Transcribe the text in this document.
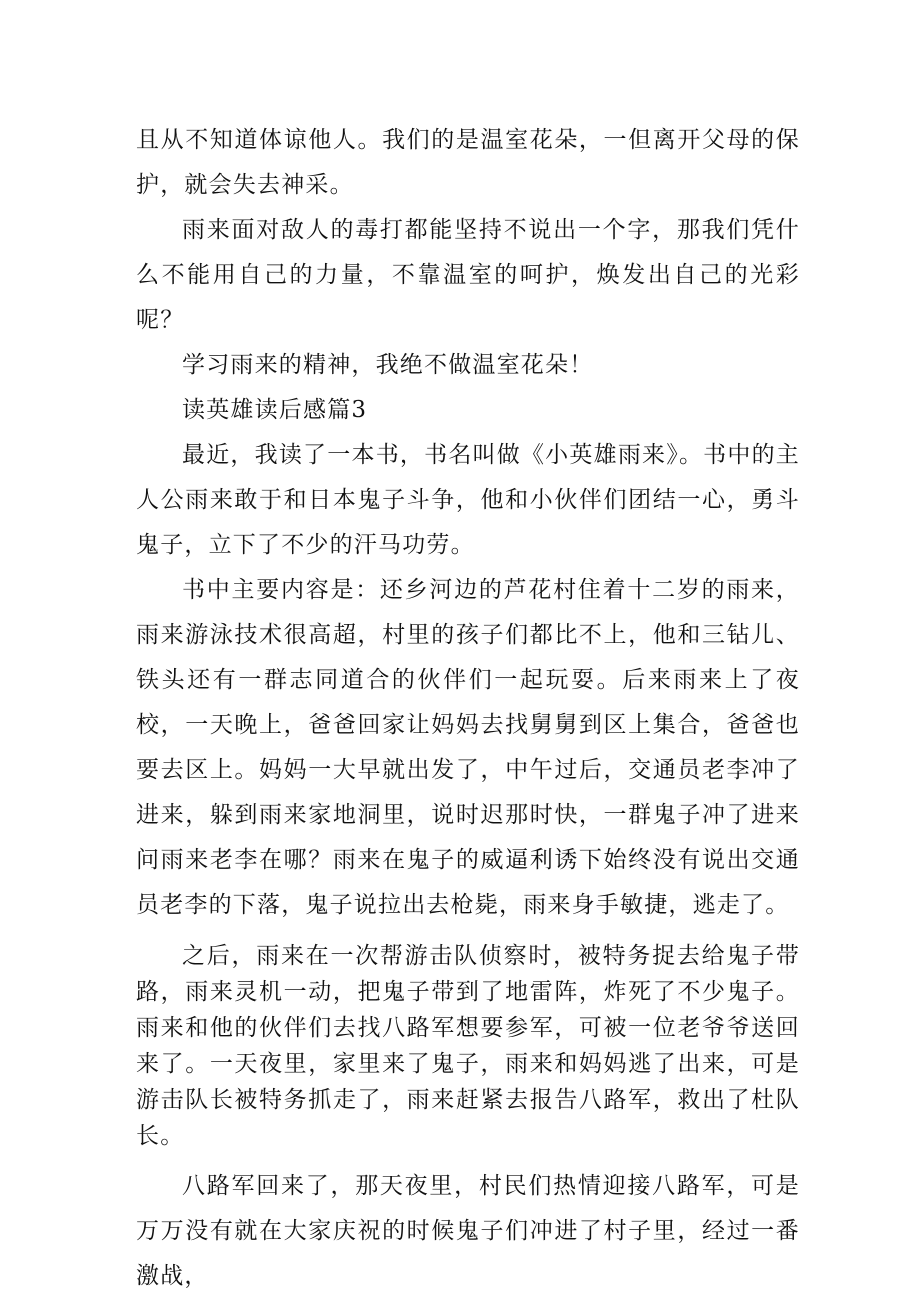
且从不知道体谅他人。我们的是温室花朵，一但离开父母的保护，就会失去神采。

雨来面对敌人的毒打都能坚持不说出一个字，那我们凭什么不能用自己的力量，不靠温室的呵护，焕发出自己的光彩呢？

学习雨来的精神，我绝不做温室花朵！

读英雄读后感篇3

最近，我读了一本书，书名叫做《小英雄雨来》。书中的主人公雨来敢于和日本鬼子斗争，他和小伙伴们团结一心，勇斗鬼子，立下了不少的汗马功劳。

书中主要内容是：还乡河边的芦花村住着十二岁的雨来，雨来游泳技术很高超，村里的孩子们都比不上，他和三钻儿、铁头还有一群志同道合的伙伴们一起玩耍。后来雨来上了夜校，一天晚上，爸爸回家让妈妈去找舅舅到区上集合，爸爸也要去区上。妈妈一大早就出发了，中午过后，交通员老李冲了进来，躲到雨来家地洞里，说时迟那时快，一群鬼子冲了进来问雨来老李在哪？雨来在鬼子的威逼利诱下始终没有说出交通员老李的下落，鬼子说拉出去枪毙，雨来身手敏捷，逃走了。

之后，雨来在一次帮游击队侦察时，被特务捉去给鬼子带路，雨来灵机一动，把鬼子带到了地雷阵，炸死了不少鬼子。雨来和他的伙伴们去找八路军想要参军，可被一位老爷爷送回来了。一天夜里，家里来了鬼子，雨来和妈妈逃了出来，可是游击队长被特务抓走了，雨来赶紧去报告八路军，救出了杜队长。

八路军回来了，那天夜里，村民们热情迎接八路军，可是万万没有就在大家庆祝的时候鬼子们冲进了村子里，经过一番激战，
